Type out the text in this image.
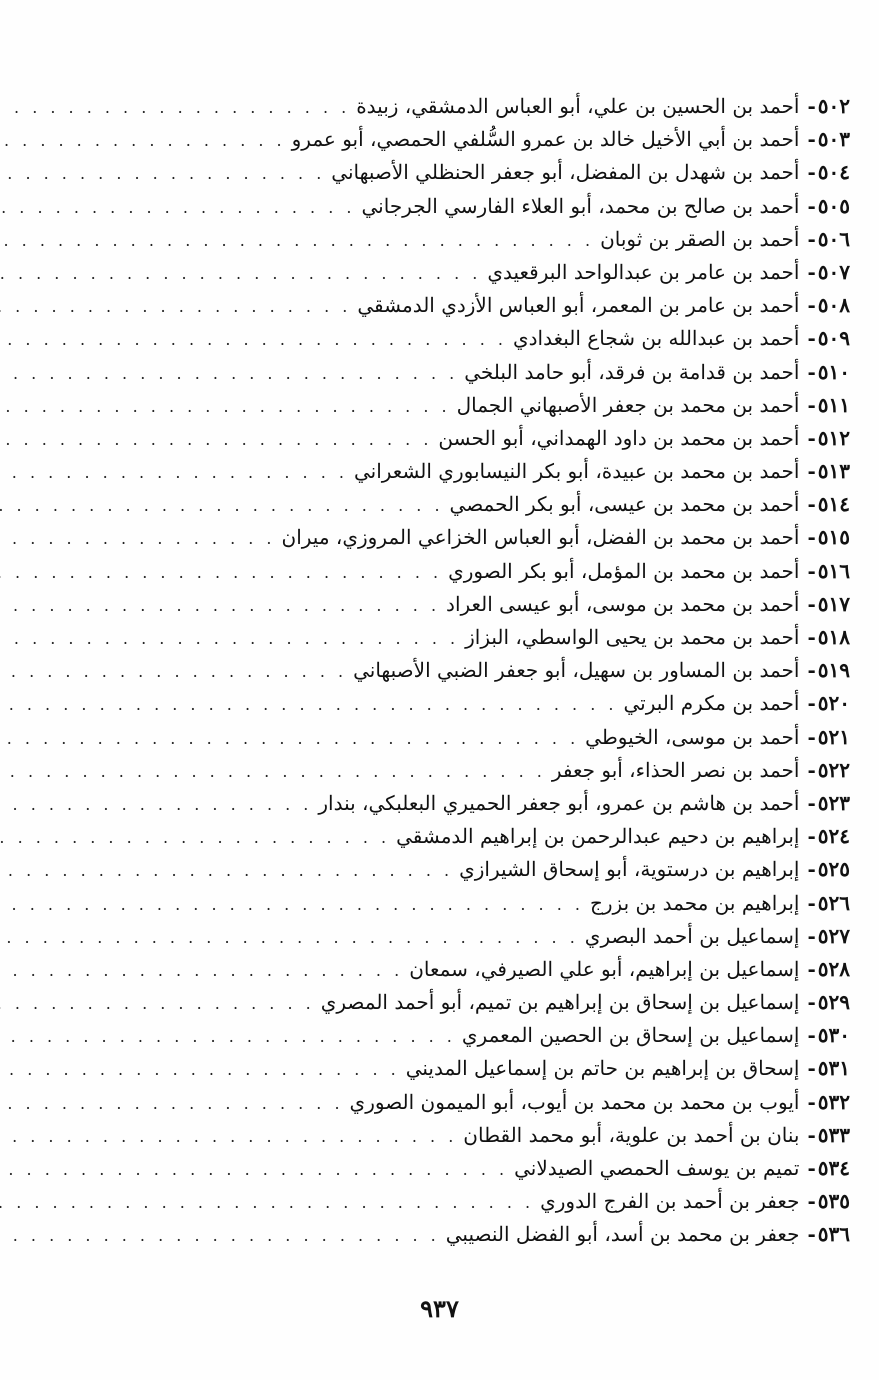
٥٠٢
-
أحمد بن الحسين بن علي، أبو العباس الدمشقي، زبيدة
. . .
٥٠٣
-
أحمد بن أبي الأخيل خالد بن عمرو السُّلفي الحمصي، أبو عمرو
. . .
٥٠٤
-
أحمد بن شهدل بن المفضل، أبو جعفر الحنظلي الأصبهاني
. . .
٥٠٥
-
أحمد بن صالح بن محمد، أبو العلاء الفارسي الجرجاني
. . .
٥٠٦
-
أحمد بن الصقر بن ثوبان
. . .
٥٠٧
-
أحمد بن عامر بن عبدالواحد البرقعيدي
. . .
٥٠٨
-
أحمد بن عامر بن المعمر، أبو العباس الأزدي الدمشقي
. . .
٥٠٩
-
أحمد بن عبدالله بن شجاع البغدادي
. . .
٥١٠
-
أحمد بن قدامة بن فرقد، أبو حامد البلخي
. . .
٥١١
-
أحمد بن محمد بن جعفر الأصبهاني الجمال
. . .
٥١٢
-
أحمد بن محمد بن داود الهمداني، أبو الحسن
. . .
٥١٣
-
أحمد بن محمد بن عبيدة، أبو بكر النيسابوري الشعراني
. . .
٥١٤
-
أحمد بن محمد بن عيسى، أبو بكر الحمصي
. . .
٥١٥
-
أحمد بن محمد بن الفضل، أبو العباس الخزاعي المروزي، ميران
. . .
٥١٦
-
أحمد بن محمد بن المؤمل، أبو بكر الصوري
. . .
٥١٧
-
أحمد بن محمد بن موسى، أبو عيسى العراد
. . .
٥١٨
-
أحمد بن محمد بن يحيى الواسطي، البزاز
. . .
٥١٩
-
أحمد بن المساور بن سهيل، أبو جعفر الضبي الأصبهاني
. . .
٥٢٠
-
أحمد بن مكرم البرتي
. . .
٥٢١
-
أحمد بن موسى، الخيوطي
. . .
٥٢٢
-
أحمد بن نصر الحذاء، أبو جعفر
. . .
٥٢٣
-
أحمد بن هاشم بن عمرو، أبو جعفر الحميري البعلبكي، بندار
. . .
٥٢٤
-
إبراهيم بن دحيم عبدالرحمن بن إبراهيم الدمشقي
. . .
٥٢٥
-
إبراهيم بن درستوية، أبو إسحاق الشيرازي
. . .
٥٢٦
-
إبراهيم بن محمد بن بزرج
. . .
٥٢٧
-
إسماعيل بن أحمد البصري
. . .
٥٢٨
-
إسماعيل بن إبراهيم، أبو علي الصيرفي، سمعان
. . .
٥٢٩
-
إسماعيل بن إسحاق بن إبراهيم بن تميم، أبو أحمد المصري
. . .
٥٣٠
-
إسماعيل بن إسحاق بن الحصين المعمري
. . .
٥٣١
-
إسحاق بن إبراهيم بن حاتم بن إسماعيل المديني
. . .
٥٣٢
-
أيوب بن محمد بن محمد بن أيوب، أبو الميمون الصوري
. . .
٥٣٣
-
بنان بن أحمد بن علوية، أبو محمد القطان
. . .
٥٣٤
-
تميم بن يوسف الحمصي الصيدلاني
. . .
٥٣٥
-
جعفر بن أحمد بن الفرج الدوري
. . .
٥٣٦
-
جعفر بن محمد بن أسد، أبو الفضل النصيبي
. . .
٩٣٧
